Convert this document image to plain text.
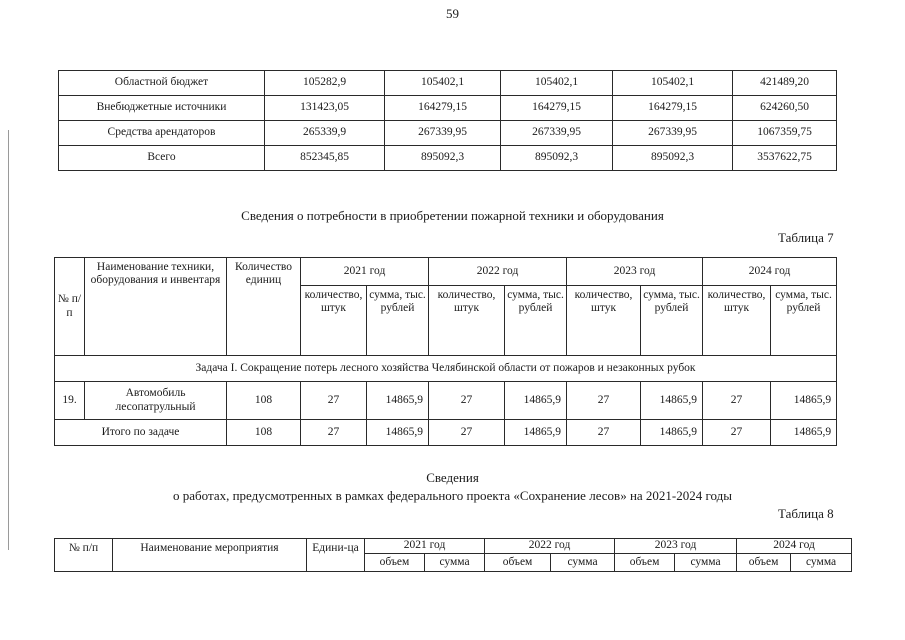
59
Областной бюджет	105282,9	105402,1	105402,1	105402,1	421489,20
Внебюджетные источники	131423,05	164279,15	164279,15	164279,15	624260,50
Средства арендаторов	265339,9	267339,95	267339,95	267339,95	1067359,75
Всего	852345,85	895092,3	895092,3	895092,3	3537622,75
Сведения о потребности в приобретении пожарной техники и оборудования
Таблица 7
№ п/п	Наименование техники, оборудования и инвентаря	Количество единиц	2021 год		2022 год		2023 год		2024 год	
			количество, штук	сумма, тыс. рублей	количество, штук	сумма, тыс. рублей	количество, штук	сумма, тыс. рублей	количество, штук	сумма, тыс. рублей
Задача I. Сокращение потерь лесного хозяйства Челябинской области от пожаров и незаконных рубок										
19.	Автомобиль лесопатрульный	108	27	14865,9	27	14865,9	27	14865,9	27	14865,9
Итого по задаче		108	27	14865,9	27	14865,9	27	14865,9	27	14865,9
Сведения
о работах, предусмотренных в рамках федерального проекта «Сохранение лесов» на 2021-2024 годы
Таблица 8
№ п/п	Наименование мероприятия	Едини-ца	2021 год		2022 год		2023 год		2024 год	
			объем	сумма	объем	сумма	объем	сумма	объем	сумма
